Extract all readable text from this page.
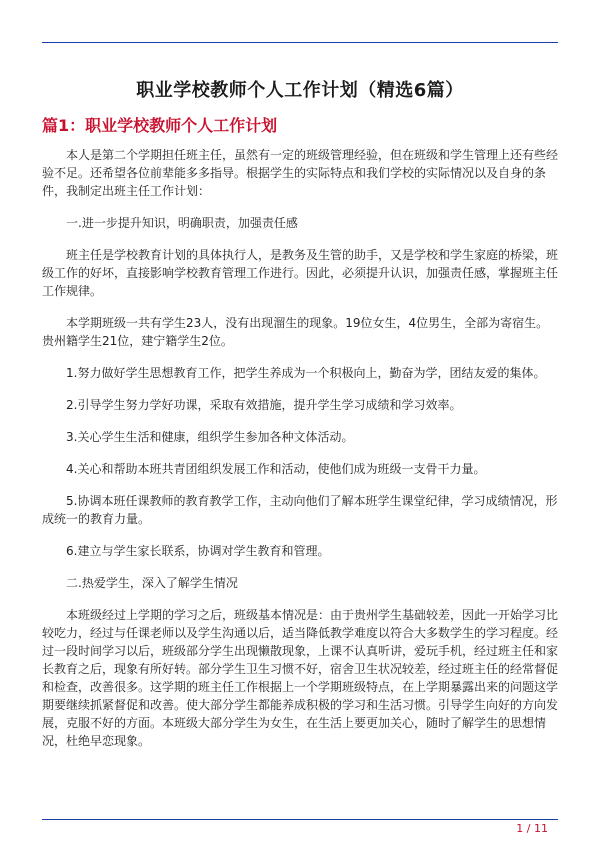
职业学校教师个人工作计划（精选6篇）
篇1：职业学校教师个人工作计划

本人是第二个学期担任班主任，虽然有一定的班级管理经验，但在班级和学生管理上还有些经验不足。还希望各位前辈能多多指导。根据学生的实际特点和我们学校的实际情况以及自身的条件，我制定出班主任工作计划：

一.进一步提升知识，明确职责，加强责任感

班主任是学校教育计划的具体执行人，是教务及生管的助手，又是学校和学生家庭的桥梁，班级工作的好坏，直接影响学校教育管理工作进行。因此，必须提升认识，加强责任感，掌握班主任工作规律。

本学期班级一共有学生23人，没有出现溜生的现象。19位女生，4位男生，全部为寄宿生。贵州籍学生21位，建宁籍学生2位。

1.努力做好学生思想教育工作，把学生养成为一个积极向上，勤奋为学，团结友爱的集体。

2.引导学生努力学好功课，采取有效措施，提升学生学习成绩和学习效率。

3.关心学生生活和健康，组织学生参加各种文体活动。

4.关心和帮助本班共青团组织发展工作和活动，使他们成为班级一支骨干力量。

5.协调本班任课教师的教育教学工作，主动向他们了解本班学生课堂纪律，学习成绩情况，形成统一的教育力量。

6.建立与学生家长联系，协调对学生教育和管理。

二.热爱学生，深入了解学生情况

本班级经过上学期的学习之后，班级基本情况是：由于贵州学生基础较差，因此一开始学习比较吃力，经过与任课老师以及学生沟通以后，适当降低教学难度以符合大多数学生的学习程度。经过一段时间学习以后，班级部分学生出现懒散现象，上课不认真听讲，爱玩手机，经过班主任和家长教育之后，现象有所好转。部分学生卫生习惯不好，宿舍卫生状况较差，经过班主任的经常督促和检查，改善很多。这学期的班主任工作根据上一个学期班级特点，在上学期暴露出来的问题这学期要继续抓紧督促和改善。使大部分学生都能养成积极的学习和生活习惯。引导学生向好的方向发展，克服不好的方面。本班级大部分学生为女生，在生活上要更加关心，随时了解学生的思想情况，杜绝早恋现象。

1 / 11
